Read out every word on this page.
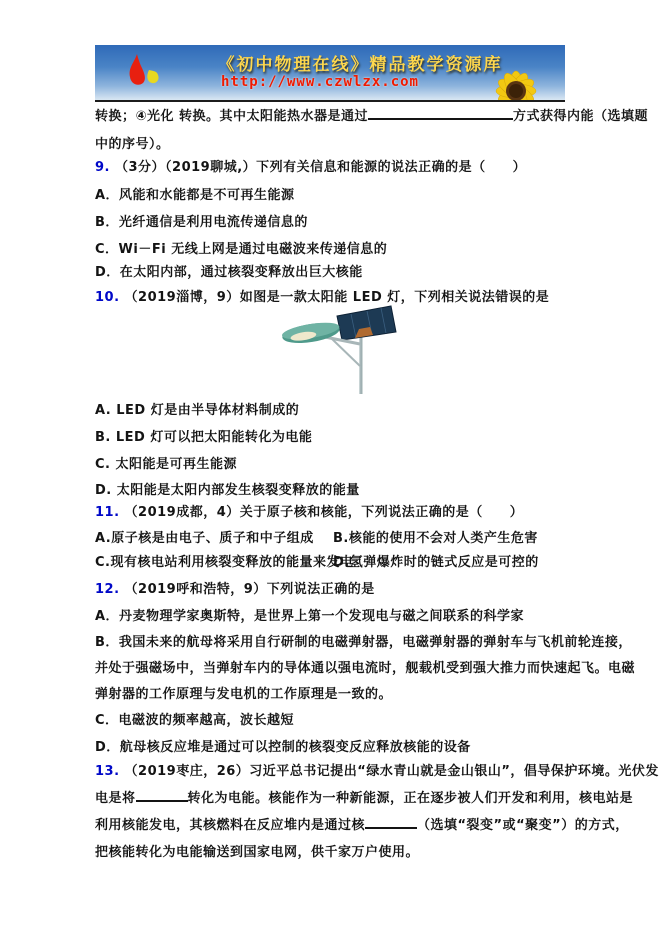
《初中物理在线》精品教学资源库
http://www.czwlzx.com
转换；④光化 转换。其中太阳能热水器是通过	方式获得内能（选填题
中的序号）。
9. （3分）（2019聊城,）下列有关信息和能源的说法正确的是（　　）
A．风能和水能都是不可再生能源
B．光纤通信是利用电流传递信息的
C．Wi－Fi 无线上网是通过电磁波来传递信息的
D．在太阳内部，通过核裂变释放出巨大核能
10. （2019淄博，9）如图是一款太阳能 LED 灯，下列相关说法错误的是
A. LED 灯是由半导体材料制成的
B. LED 灯可以把太阳能转化为电能
C. 太阳能是可再生能源
D. 太阳能是太阳内部发生核裂变释放的能量
11. （2019成都，4）关于原子核和核能，下列说法正确的是（　　）
A.原子核是由电子、质子和中子组成 B.核能的使用不会对人类产生危害
C.现有核电站利用核裂变释放的能量来发电D.氢弹爆炸时的链式反应是可控的
12. （2019呼和浩特，9）下列说法正确的是
A．丹麦物理学家奥斯特，是世界上第一个发现电与磁之间联系的科学家
B．我国未来的航母将采用自行研制的电磁弹射器，电磁弹射器的弹射车与飞机前轮连接，
并处于强磁场中，当弹射车内的导体通以强电流时，舰载机受到强大推力而快速起飞。电磁
弹射器的工作原理与发电机的工作原理是一致的。
C．电磁波的频率越高，波长越短
D．航母核反应堆是通过可以控制的核裂变反应释放核能的设备
13. （2019枣庄，26）习近平总书记提出“绿水青山就是金山银山”，倡导保护环境。光伏发
电是将	转化为电能。核能作为一种新能源，正在逐步被人们开发和利用，核电站是
利用核能发电，其核燃料在反应堆内是通过核	（选填“裂变”或“聚变”）的方式，
把核能转化为电能输送到国家电网，供千家万户使用。
